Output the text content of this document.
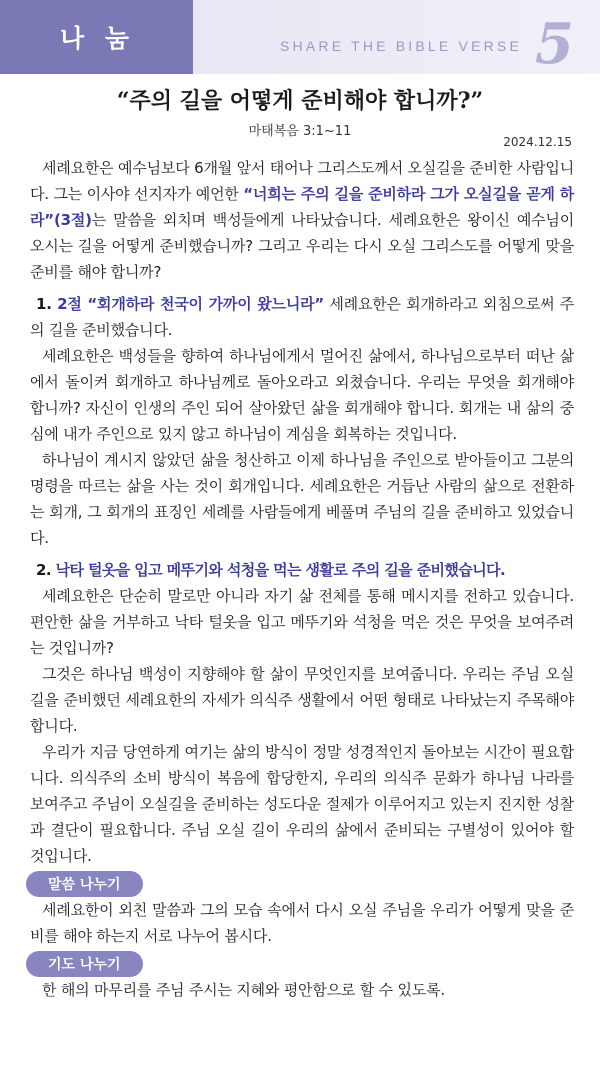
나 눔	SHARE THE BIBLE VERSE 5
“주의 길을 어떻게 준비해야 합니까?”
마태복음 3:1~11
2024.12.15

세례요한은 예수님보다 6개월 앞서 태어나 그리스도께서 오실길을 준비한 사람입니다. 그는 이사야 선지자가 예언한 “너희는 주의 길을 준비하라 그가 오실길을 곧게 하라”(3절)는 말씀을 외치며 백성들에게 나타났습니다. 세례요한은 왕이신 예수님이 오시는 길을 어떻게 준비했습니까? 그리고 우리는 다시 오실 그리스도를 어떻게 맞을 준비를 해야 합니까?

1. 2절 “회개하라 천국이 가까이 왔느니라” 세례요한은 회개하라고 외침으로써 주의 길을 준비했습니다.

세례요한은 백성들을 향하여 하나님에게서 멀어진 삶에서, 하나님으로부터 떠난 삶에서 돌이켜 회개하고 하나님께로 돌아오라고 외쳤습니다. 우리는 무엇을 회개해야 합니까? 자신이 인생의 주인 되어 살아왔던 삶을 회개해야 합니다. 회개는 내 삶의 중심에 내가 주인으로 있지 않고 하나님이 계심을 회복하는 것입니다.

하나님이 계시지 않았던 삶을 청산하고 이제 하나님을 주인으로 받아들이고 그분의 명령을 따르는 삶을 사는 것이 회개입니다. 세례요한은 거듭난 사람의 삶으로 전환하는 회개, 그 회개의 표징인 세례를 사람들에게 베풀며 주님의 길을 준비하고 있었습니다.

2. 낙타 털옷을 입고 메뚜기와 석청을 먹는 생활로 주의 길을 준비했습니다.

세례요한은 단순히 말로만 아니라 자기 삶 전체를 통해 메시지를 전하고 있습니다. 편안한 삶을 거부하고 낙타 털옷을 입고 메뚜기와 석청을 먹은 것은 무엇을 보여주려는 것입니까?

그것은 하나님 백성이 지향해야 할 삶이 무엇인지를 보여줍니다. 우리는 주님 오실 길을 준비했던 세례요한의 자세가 의식주 생활에서 어떤 형태로 나타났는지 주목해야 합니다.

우리가 지금 당연하게 여기는 삶의 방식이 정말 성경적인지 돌아보는 시간이 필요합니다. 의식주의 소비 방식이 복음에 합당한지, 우리의 의식주 문화가 하나님 나라를 보여주고 주님이 오실길을 준비하는 성도다운 절제가 이루어지고 있는지 진지한 성찰과 결단이 필요합니다. 주님 오실 길이 우리의 삶에서 준비되는 구별성이 있어야 할 것입니다.

말씀 나누기

세례요한이 외친 말씀과 그의 모습 속에서 다시 오실 주님을 우리가 어떻게 맞을 준비를 해야 하는지 서로 나누어 봅시다.

기도 나누기

한 해의 마무리를 주님 주시는 지혜와 평안함으로 할 수 있도록.
